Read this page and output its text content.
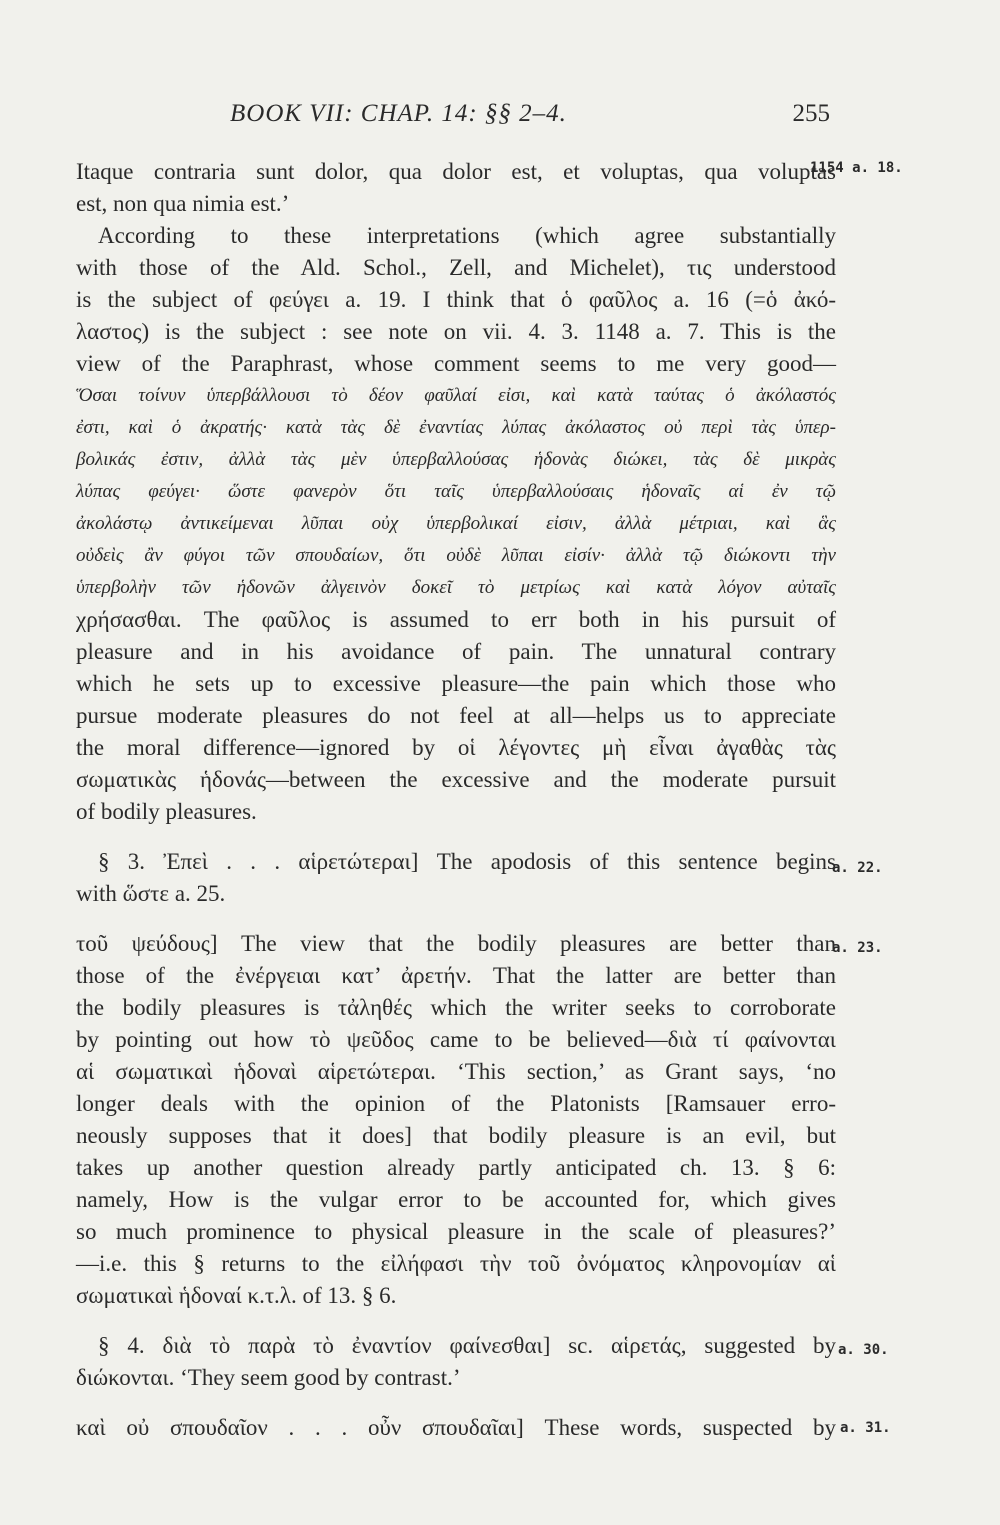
BOOK VII: CHAP. 14: §§ 2–4.	255
1154 a. 18.
a. 22.
a. 23.
a. 30.
a. 31.
Itaque contraria sunt dolor, qua dolor est, et voluptas, qua voluptas
est, non qua nimia est.’
According to these interpretations (which agree substantially
with those of the Ald. Schol., Zell, and Michelet), τις understood
is the subject of φεύγει a. 19. I think that ὁ φαῦλος a. 16 (=ὁ ἀκό-
λαστος) is the subject : see note on vii. 4. 3. 1148 a. 7. This is the
view of the Paraphrast, whose comment seems to me very good—
Ὅσαι τοίνυν ὑπερβάλλουσι τὸ δέον φαῦλαί εἰσι, καὶ κατὰ ταύτας ὁ ἀκόλαστός
ἐστι, καὶ ὁ ἀκρατής· κατὰ τὰς δὲ ἐναντίας λύπας ἀκόλαστος οὐ περὶ τὰς ὑπερ-
βολικάς ἐστιν, ἀλλὰ τὰς μὲν ὑπερβαλλούσας ἡδονὰς διώκει, τὰς δὲ μικρὰς
λύπας φεύγει· ὥστε φανερὸν ὅτι ταῖς ὑπερβαλλούσαις ἡδοναῖς αἱ ἐν τῷ
ἀκολάστῳ ἀντικείμεναι λῦπαι οὐχ ὑπερβολικαί εἰσιν, ἀλλὰ μέτριαι, καὶ ἃς
οὐδεὶς ἂν φύγοι τῶν σπουδαίων, ὅτι οὐδὲ λῦπαι εἰσίν· ἀλλὰ τῷ διώκοντι τὴν
ὑπερβολὴν τῶν ἡδονῶν ἀλγεινὸν δοκεῖ τὸ μετρίως καὶ κατὰ λόγον αὐταῖς
χρήσασθαι. The φαῦλος is assumed to err both in his pursuit of
pleasure and in his avoidance of pain. The unnatural contrary
which he sets up to excessive pleasure—the pain which those who
pursue moderate pleasures do not feel at all—helps us to appreciate
the moral difference—ignored by οἱ λέγοντες μὴ εἶναι ἀγαθὰς τὰς
σωματικὰς ἡδονάς—between the excessive and the moderate pursuit
of bodily pleasures.
§ 3. Ἐπεὶ . . . αἱρετώτεραι] The apodosis of this sentence begins
with ὥστε a. 25.
τοῦ ψεύδους] The view that the bodily pleasures are better than
those of the ἐνέργειαι κατ’ ἀρετήν. That the latter are better than
the bodily pleasures is τἀληθές which the writer seeks to corroborate
by pointing out how τὸ ψεῦδος came to be believed—διὰ τί φαίνονται
αἱ σωματικαὶ ἡδοναὶ αἱρετώτεραι. ‘This section,’ as Grant says, ‘no
longer deals with the opinion of the Platonists [Ramsauer erro-
neously supposes that it does] that bodily pleasure is an evil, but
takes up another question already partly anticipated ch. 13. § 6:
namely, How is the vulgar error to be accounted for, which gives
so much prominence to physical pleasure in the scale of pleasures?’
—i.e. this § returns to the εἰλήφασι τὴν τοῦ ὀνόματος κληρονομίαν αἱ
σωματικαὶ ἡδοναί κ.τ.λ. of 13. § 6.
§ 4. διὰ τὸ παρὰ τὸ ἐναντίον φαίνεσθαι] sc. αἱρετάς, suggested by
διώκονται. ‘They seem good by contrast.’
καὶ οὐ σπουδαῖον . . . οὖν σπουδαῖαι] These words, suspected by
